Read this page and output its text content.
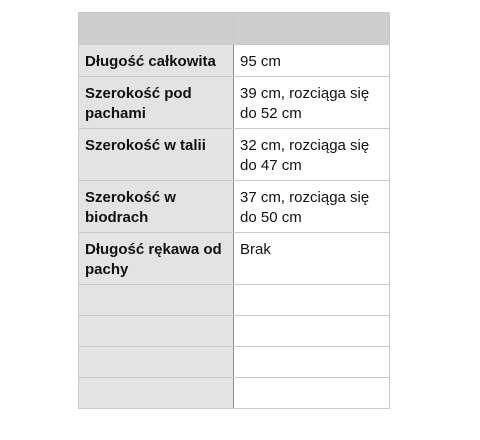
Długość całkowita	95 cm
Szerokość pod pachami	39 cm, rozciąga się do 52 cm
Szerokość w talii	32 cm, rozciąga się do 47 cm
Szerokość w biodrach	37 cm, rozciąga się do 50 cm
Długość rękawa od pachy	Brak
